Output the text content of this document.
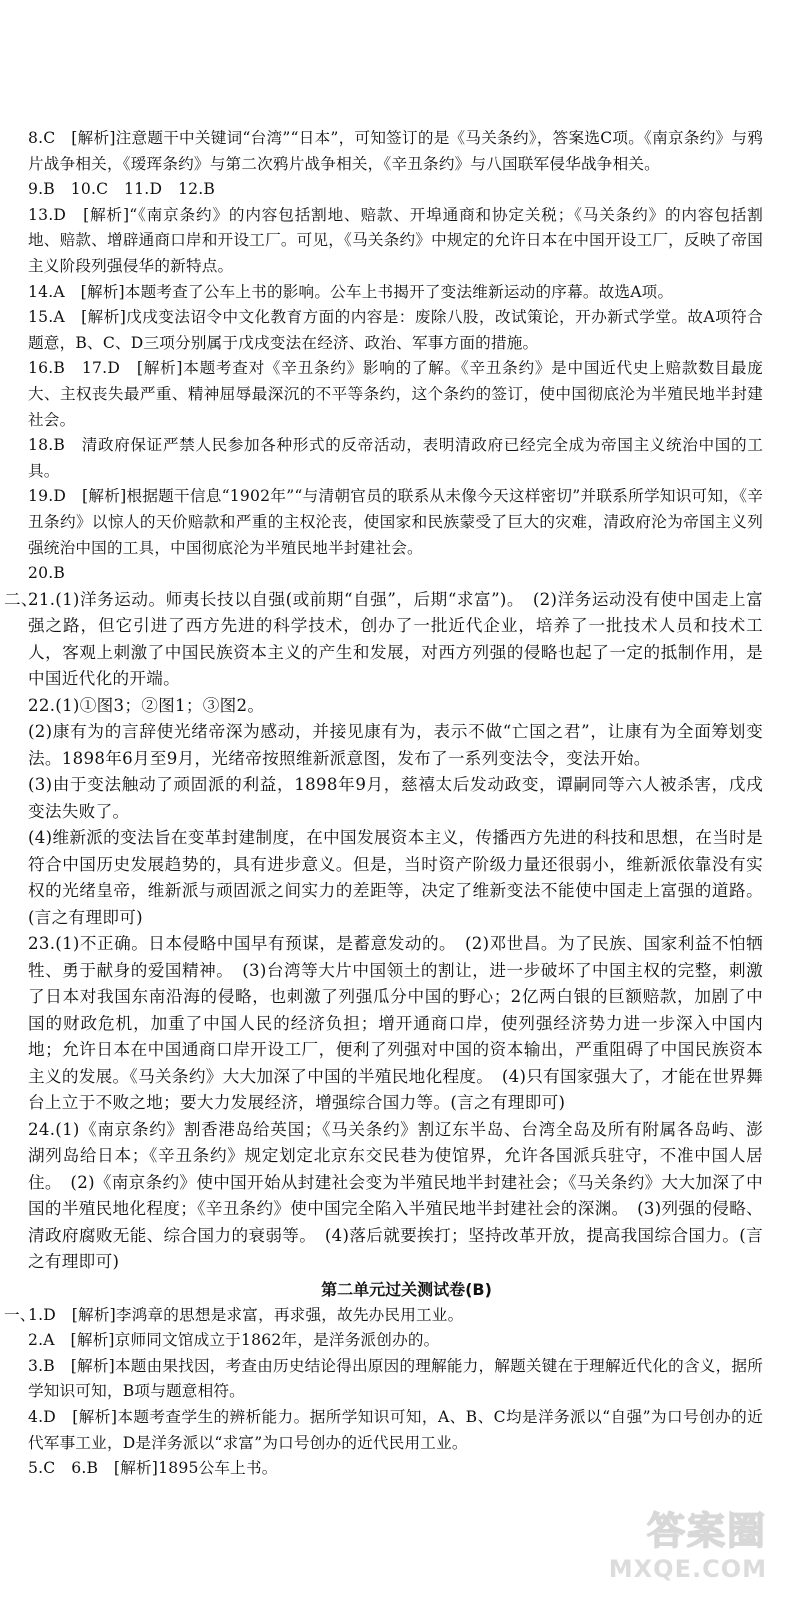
8.C　[解析]注意题干中关键词“台湾”“日本”，可知签订的是《马关条约》，答案选C项。《南京条约》与鸦片战争相关，《瑷珲条约》与第二次鸦片战争相关，《辛丑条约》与八国联军侵华战争相关。

9.B　10.C　11.D　12.B

13.D　[解析]“《南京条约》的内容包括割地、赔款、开埠通商和协定关税；《马关条约》的内容包括割地、赔款、增辟通商口岸和开设工厂。可见，《马关条约》中规定的允许日本在中国开设工厂，反映了帝国主义阶段列强侵华的新特点。

14.A　[解析]本题考查了公车上书的影响。公车上书揭开了变法维新运动的序幕。故选A项。

15.A　[解析]戊戌变法诏令中文化教育方面的内容是：废除八股，改试策论，开办新式学堂。故A项符合题意，B、C、D三项分别属于戊戌变法在经济、政治、军事方面的措施。

16.B　17.D　[解析]本题考查对《辛丑条约》影响的了解。《辛丑条约》是中国近代史上赔款数目最庞大、主权丧失最严重、精神屈辱最深沉的不平等条约，这个条约的签订，使中国彻底沦为半殖民地半封建社会。

18.B　清政府保证严禁人民参加各种形式的反帝活动，表明清政府已经完全成为帝国主义统治中国的工具。

19.D　[解析]根据题干信息“1902年”“与清朝官员的联系从未像今天这样密切”并联系所学知识可知，《辛丑条约》以惊人的天价赔款和严重的主权沦丧，使国家和民族蒙受了巨大的灾难，清政府沦为帝国主义列强统治中国的工具，中国彻底沦为半殖民地半封建社会。

20.B

二、
21.(1)洋务运动。师夷长技以自强(或前期“自强”，后期“求富”)。　(2)洋务运动没有使中国走上富强之路，但它引进了西方先进的科学技术，创办了一批近代企业，培养了一批技术人员和技术工人，客观上刺激了中国民族资本主义的产生和发展，对西方列强的侵略也起了一定的抵制作用，是中国近代化的开端。

22.(1)①图3；②图1；③图2。

(2)康有为的言辞使光绪帝深为感动，并接见康有为，表示不做“亡国之君”，让康有为全面筹划变法。1898年6月至9月，光绪帝按照维新派意图，发布了一系列变法令，变法开始。

(3)由于变法触动了顽固派的利益，1898年9月，慈禧太后发动政变，谭嗣同等六人被杀害，戊戌变法失败了。

(4)维新派的变法旨在变革封建制度，在中国发展资本主义，传播西方先进的科技和思想，在当时是符合中国历史发展趋势的，具有进步意义。但是，当时资产阶级力量还很弱小，维新派依靠没有实权的光绪皇帝，维新派与顽固派之间实力的差距等，决定了维新变法不能使中国走上富强的道路。(言之有理即可)

23.(1)不正确。日本侵略中国早有预谋，是蓄意发动的。　(2)邓世昌。为了民族、国家利益不怕牺牲、勇于献身的爱国精神。　(3)台湾等大片中国领土的割让，进一步破坏了中国主权的完整，刺激了日本对我国东南沿海的侵略，也刺激了列强瓜分中国的野心；2亿两白银的巨额赔款，加剧了中国的财政危机，加重了中国人民的经济负担；增开通商口岸，使列强经济势力进一步深入中国内地；允许日本在中国通商口岸开设工厂，便利了列强对中国的资本输出，严重阻碍了中国民族资本主义的发展。《马关条约》大大加深了中国的半殖民地化程度。　(4)只有国家强大了，才能在世界舞台上立于不败之地；要大力发展经济，增强综合国力等。(言之有理即可)

24.(1)《南京条约》割香港岛给英国；《马关条约》割辽东半岛、台湾全岛及所有附属各岛屿、澎湖列岛给日本；《辛丑条约》规定划定北京东交民巷为使馆界，允许各国派兵驻守，不准中国人居住。　(2)《南京条约》使中国开始从封建社会变为半殖民地半封建社会；《马关条约》大大加深了中国的半殖民地化程度；《辛丑条约》使中国完全陷入半殖民地半封建社会的深渊。　(3)列强的侵略、清政府腐败无能、综合国力的衰弱等。　(4)落后就要挨打；坚持改革开放，提高我国综合国力。(言之有理即可)

第二单元过关测试卷(B)
一、
1.D　[解析]李鸿章的思想是求富，再求强，故先办民用工业。

2.A　[解析]京师同文馆成立于1862年，是洋务派创办的。

3.B　[解析]本题由果找因，考查由历史结论得出原因的理解能力，解题关键在于理解近代化的含义，据所学知识可知，B项与题意相符。

4.D　[解析]本题考查学生的辨析能力。据所学知识可知，A、B、C均是洋务派以“自强”为口号创办的近代军事工业，D是洋务派以“求富”为口号创办的近代民用工业。

5.C　6.B　[解析]1895公车上书。

答案圈
MXQE.COM
